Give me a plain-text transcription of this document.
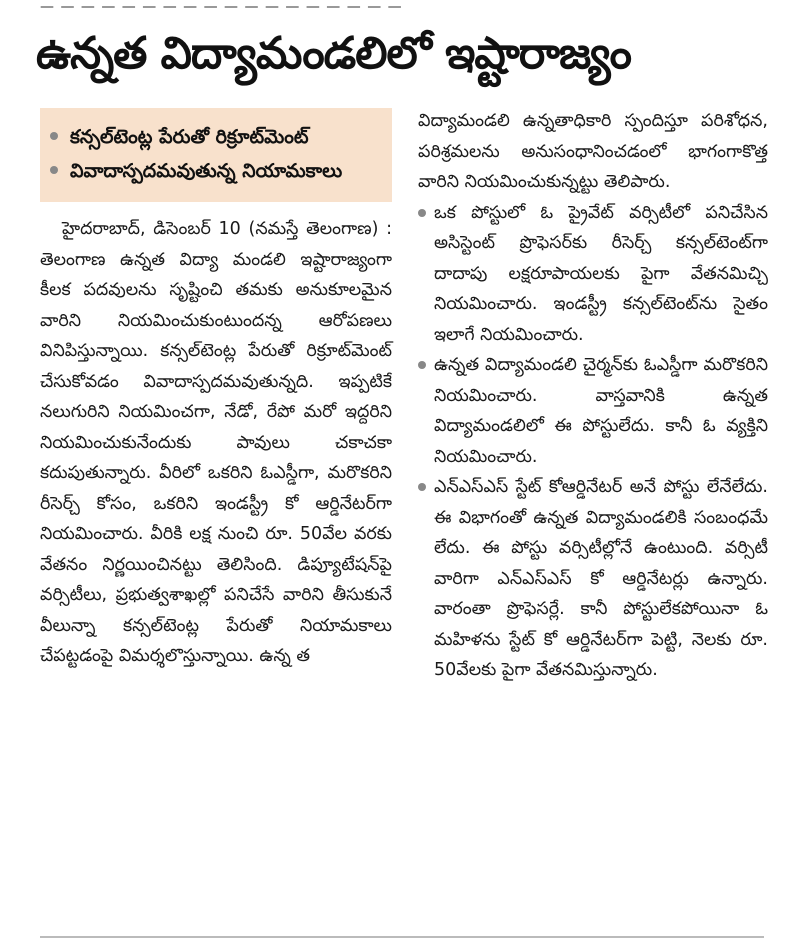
— — — — — — — — — — — — — — — — — —
ఉన్నత విద్యామండలిలో ఇష్టారాజ్యం
కన్సల్‌టెంట్ల పేరుతో రిక్రూట్‌మెంట్
వివాదాస్పదమవుతున్న నియామకాలు

హైదరాబాద్, డిసెంబర్ 10 (నమస్తే తెలంగాణ) : తెలంగాణ ఉన్నత విద్యా మండలి ఇష్టారాజ్యంగా కీలక పదవులను సృష్టించి తమకు అనుకూలమైన వారిని నియమించుకుంటుందన్న ఆరోపణలు వినిపిస్తున్నాయి. కన్సల్‌టెంట్ల పేరుతో రిక్రూట్‌మెంట్ చేసుకోవడం వివాదాస్పదమవుతున్నది. ఇప్పటికే నలుగురిని నియమించగా, నేడో, రేపో మరో ఇద్దరిని నియమించుకునేందుకు పావులు చకాచకా కదుపుతున్నారు. వీరిలో ఒకరిని ఓఎస్డీగా, మరొకరిని రీసెర్చ్ కోసం, ఒకరిని ఇండస్ట్రీ కో ఆర్డినేటర్‌గా నియమించారు. వీరికి లక్ష నుంచి రూ. 50వేల వరకు వేతనం నిర్ణయించినట్టు తెలిసింది. డిప్యూటేషన్‌పై వర్సిటీలు, ప్రభుత్వశాఖల్లో పనిచేసే వారిని తీసుకునే వీలున్నా కన్సల్‌టెంట్ల పేరుతో నియామకాలు చేపట్టడంపై విమర్శలొస్తున్నాయి. ఉన్న త

విద్యామండలి ఉన్నతాధికారి స్పందిస్తూ పరిశోధన, పరిశ్రమలను అనుసంధానించడంలో భాగంగాకొత్త వారిని నియమించుకున్నట్టు తెలిపారు.

ఒక పోస్టులో ఓ ప్రైవేట్ వర్సిటీలో పనిచేసిన అసిస్టెంట్ ప్రొఫెసర్‌కు రీసెర్చ్ కన్సల్‌టెంట్‌గా దాదాపు లక్షరూపాయలకు పైగా వేతనమిచ్చి నియమించారు. ఇండస్ట్రీ కన్సల్‌టెంట్‌ను సైతం ఇలాగే నియమించారు.

ఉన్నత విద్యామండలి చైర్మన్‌కు ఓఎస్డీగా మరొకరిని నియమించారు. వాస్తవానికి ఉన్నత విద్యామండలిలో ఈ పోస్టులేదు. కానీ ఓ వ్యక్తిని నియమించారు.

ఎన్‌ఎస్‌ఎస్ స్టేట్ కోఆర్డినేటర్ అనే పోస్టు లేనేలేదు. ఈ విభాగంతో ఉన్నత విద్యామండలికి సంబంధమే లేదు. ఈ పోస్టు వర్సిటీల్లోనే ఉంటుంది. వర్సిటీ వారిగా ఎన్‌ఎస్‌ఎస్ కో ఆర్డినేటర్లు ఉన్నారు. వారంతా ప్రొఫెసర్లే. కానీ పోస్టులేకపోయినా ఓ మహిళను స్టేట్ కో ఆర్డినేటర్‌గా పెట్టి, నెలకు రూ. 50వేలకు పైగా వేతనమిస్తున్నారు.
